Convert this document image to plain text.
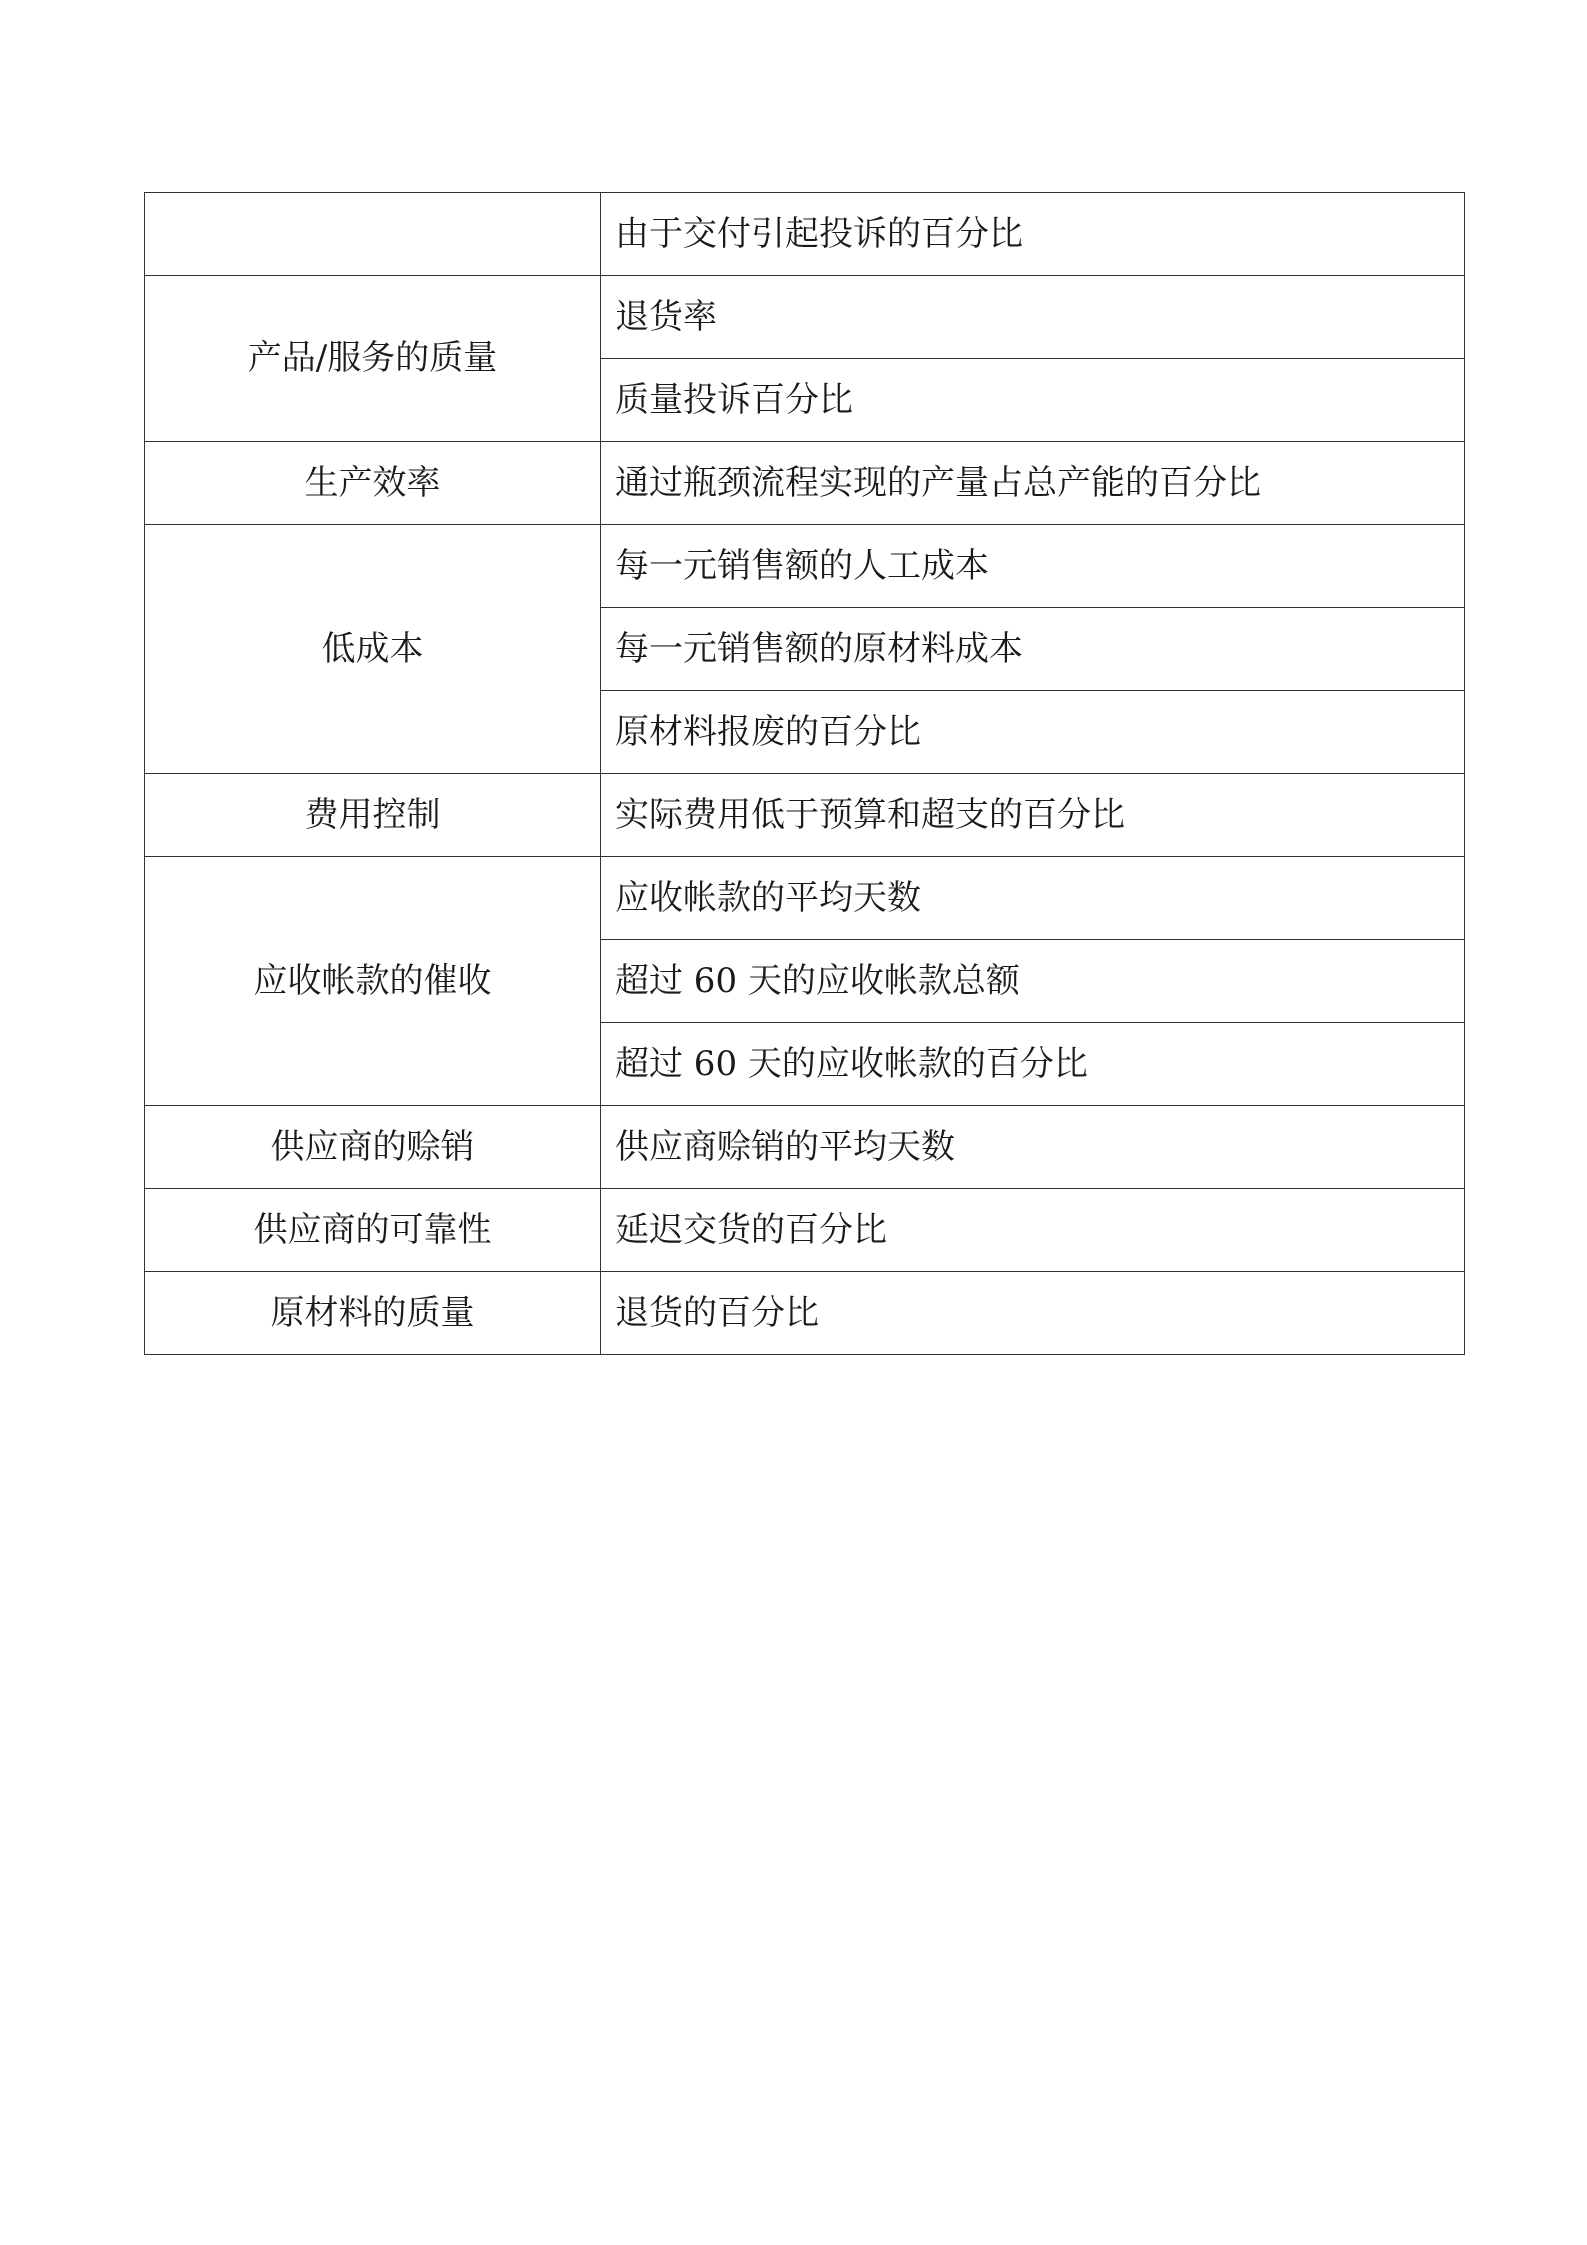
	由于交付引起投诉的百分比
产品/服务的质量	退货率
	质量投诉百分比
生产效率	通过瓶颈流程实现的产量占总产能的百分比
低成本	每一元销售额的人工成本
	每一元销售额的原材料成本
	原材料报废的百分比
费用控制	实际费用低于预算和超支的百分比
应收帐款的催收	应收帐款的平均天数
	超过 60 天的应收帐款总额
	超过 60 天的应收帐款的百分比
供应商的赊销	供应商赊销的平均天数
供应商的可靠性	延迟交货的百分比
原材料的质量	退货的百分比
